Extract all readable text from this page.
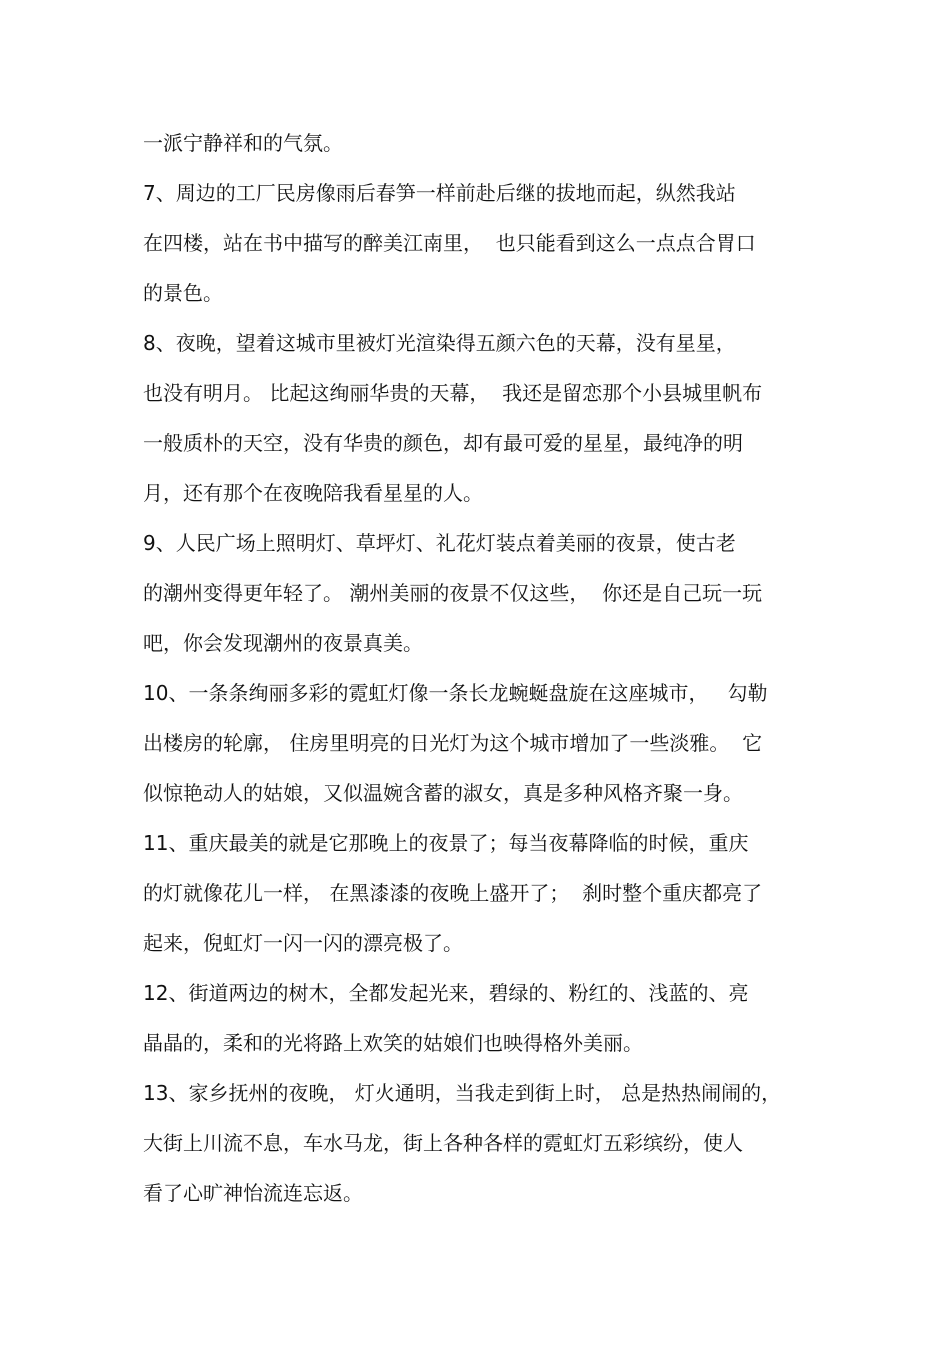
一派宁静祥和的气氛。
7、周边的工厂民房像雨后春笋一样前赴后继的拔地而起，纵然我站
在四楼，站在书中描写的醉美江南里，  也只能看到这么一点点合胃口
的景色。
8、夜晚，望着这城市里被灯光渲染得五颜六色的天幕，没有星星，
也没有明月。 比起这绚丽华贵的天幕，  我还是留恋那个小县城里帆布
一般质朴的天空，没有华贵的颜色，却有最可爱的星星，最纯净的明
月，还有那个在夜晚陪我看星星的人。
9、人民广场上照明灯、草坪灯、礼花灯装点着美丽的夜景，使古老
的潮州变得更年轻了。 潮州美丽的夜景不仅这些，  你还是自己玩一玩
吧，你会发现潮州的夜景真美。
10、一条条绚丽多彩的霓虹灯像一条长龙蜿蜒盘旋在这座城市，   勾勒
出楼房的轮廓， 住房里明亮的日光灯为这个城市增加了一些淡雅。  它
似惊艳动人的姑娘，又似温婉含蓄的淑女，真是多种风格齐聚一身。
11、重庆最美的就是它那晚上的夜景了；每当夜幕降临的时候，重庆
的灯就像花儿一样， 在黑漆漆的夜晚上盛开了；  刹时整个重庆都亮了
起来，倪虹灯一闪一闪的漂亮极了。
12、街道两边的树木，全都发起光来，碧绿的、粉红的、浅蓝的、亮
晶晶的，柔和的光将路上欢笑的姑娘们也映得格外美丽。
13、家乡抚州的夜晚， 灯火通明，当我走到街上时， 总是热热闹闹的，
大街上川流不息，车水马龙，街上各种各样的霓虹灯五彩缤纷，使人
看了心旷神怡流连忘返。
